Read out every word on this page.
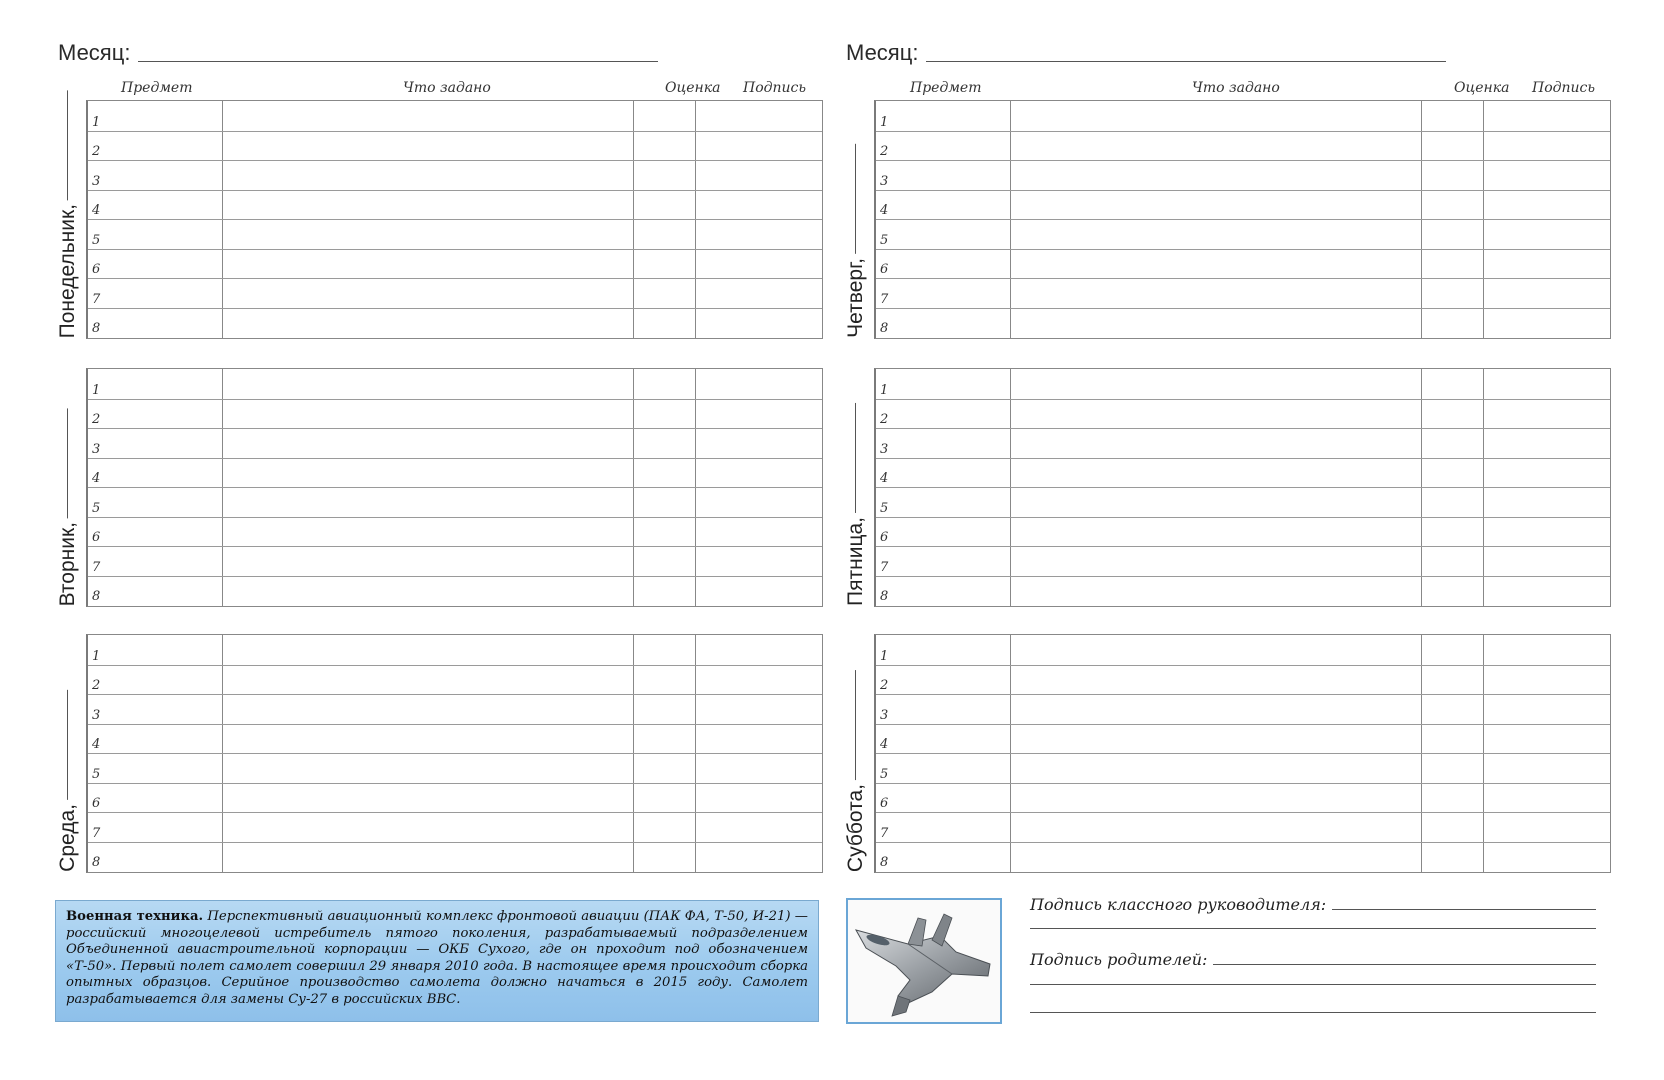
Месяц:
Предмет	Что задано	Оценка Подпись
Понедельник,
1
2
3
4
5
6
7
8
Вторник,
1
2
3
4
5
6
7
8
Среда,
1
2
3
4
5
6
7
8
Военная техника. Перспективный авиационный комплекс фронтовой авиации (ПАК ФА, Т-50, И-21) — российский многоцелевой истребитель пятого поколения, разрабатываемый подразделением Объединенной авиастроительной корпорации — ОКБ Сухого, где он проходит под обозначением «Т-50». Первый полет самолет совершил 29 января 2010 года. В настоящее время происходит сборка опытных образцов. Серийное производство самолета должно начаться в 2015 году. Самолет разрабатывается для замены Су-27 в российских ВВС.
Месяц:
Предмет	Что задано	Оценка Подпись
Четверг,
1
2
3
4
5
6
7
8
Пятница,
1
2
3
4
5
6
7
8
Суббота,
1
2
3
4
5
6
7
8
Подпись классного руководителя:
Подпись родителей:
